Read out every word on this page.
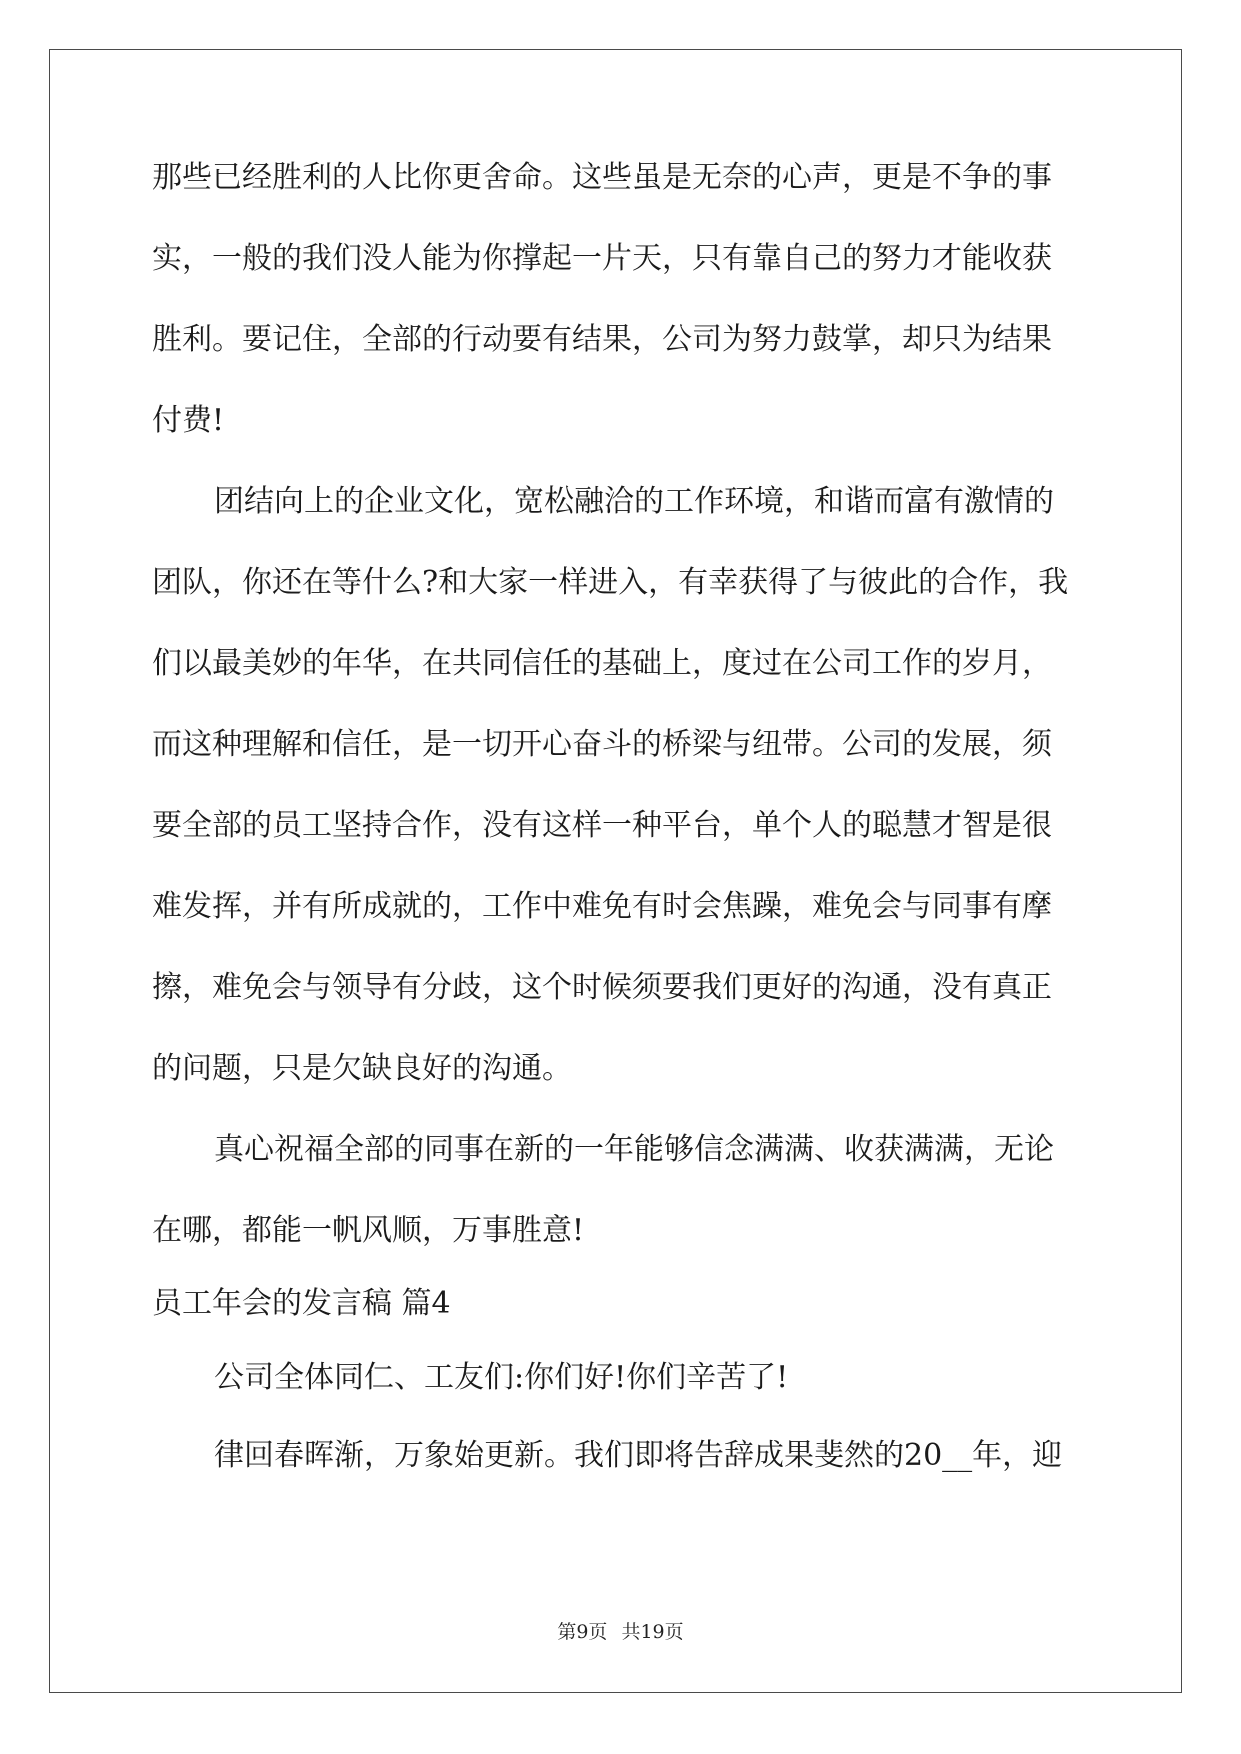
那些已经胜利的人比你更舍命。这些虽是无奈的心声，更是不争的事
实，一般的我们没人能为你撑起一片天，只有靠自己的努力才能收获
胜利。要记住，全部的行动要有结果，公司为努力鼓掌，却只为结果
付费!
团结向上的企业文化，宽松融洽的工作环境，和谐而富有激情的
团队，你还在等什么?和大家一样进入，有幸获得了与彼此的合作，我
们以最美妙的年华，在共同信任的基础上，度过在公司工作的岁月，
而这种理解和信任，是一切开心奋斗的桥梁与纽带。公司的发展，须
要全部的员工坚持合作，没有这样一种平台，单个人的聪慧才智是很
难发挥，并有所成就的，工作中难免有时会焦躁，难免会与同事有摩
擦，难免会与领导有分歧，这个时候须要我们更好的沟通，没有真正
的问题，只是欠缺良好的沟通。
真心祝福全部的同事在新的一年能够信念满满、收获满满，无论
在哪，都能一帆风顺，万事胜意!
员工年会的发言稿 篇4
公司全体同仁、工友们:你们好!你们辛苦了!
律回春晖渐，万象始更新。我们即将告辞成果斐然的20__年，迎
第9页 共19页
